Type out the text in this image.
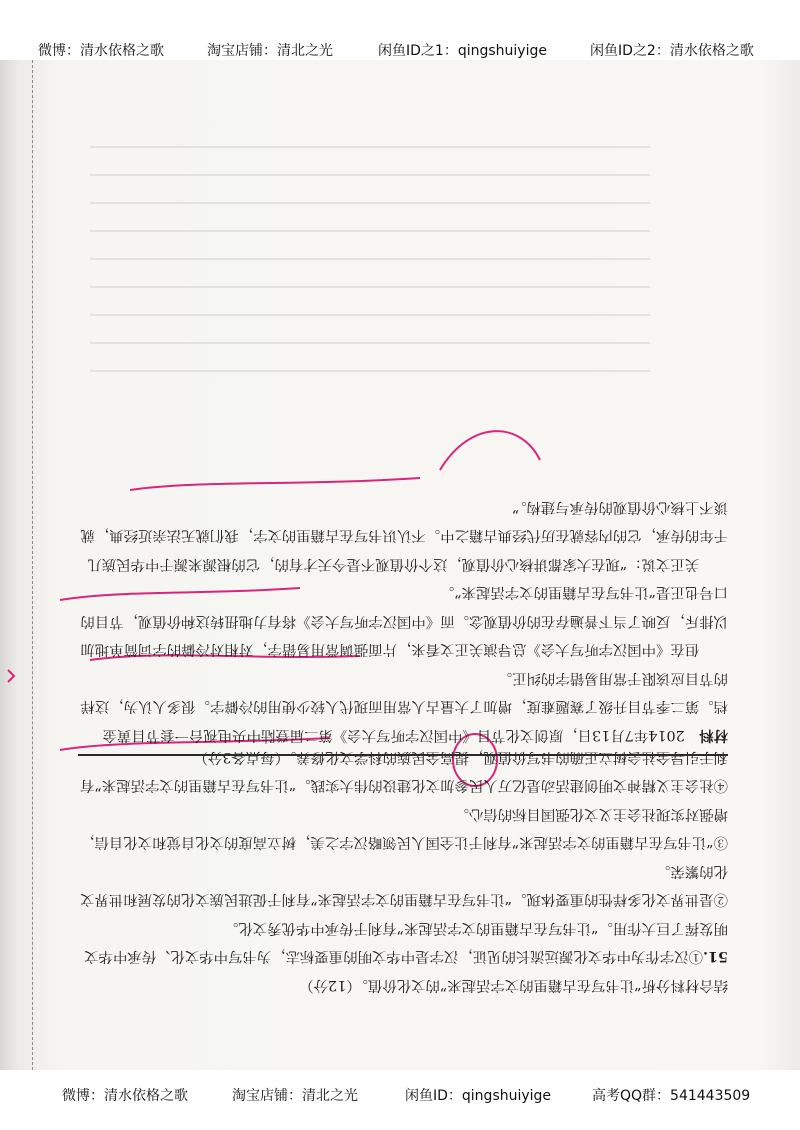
微博：清水依格之歌	淘宝店铺：清北之光	闲鱼ID之1：qingshuiyige	闲鱼ID之2：清水依格之歌

结合材料分析“让书写在古籍里的文字活起来”的文化价值。（12分）

51.①汉字作为中华文化源远流长的见证，汉字是中华文明的重要标志，为书写中华文化、传承中华文明发挥了巨大作用。“让书写在古籍里的文字活起来”有利于传承中华优秀文化。

②是世界文化多样性的重要体现。“让书写在古籍里的文字活起来”有利于促进民族文化的发展和世界文化的繁荣。

③“让书写在古籍里的文字活起来”有利于让全国人民领略汉字之美，树立高度的文化自觉和文化自信，增强对实现社会主义文化强国目标的信心。

④社会主义精神文明创建活动是亿万人民参加文化建设的伟大实践。“让书写在古籍里的文字活起来”有利于引导全社会树立正确的书写价值观，提高全民族的科学文化修养。（每点各3分）

材料　2014年7月13日，原创文化节目《中国汉字听写大会》第二届登陆中央电视台一套节目黄金档。第二季节目升级了赛题难度，增加了大量古人常用而现代人较少使用的冷僻字。很多人认为，这样的节目应该限于常用易错字的纠正。

但在《中国汉字听写大会》总导演关正文看来，片面强调常用易错字，对相对冷僻的字词简单地加以排斥，反映了当下普遍存在的价值观念。而《中国汉字听写大会》将有力地扭转这种价值观，节目的口号也正是“让书写在古籍里的文字活起来”。

关正文说：“现在大家都讲核心价值观，这个价值观不是今天才有的，它的根源来源于中华民族几千年的传承，它的内容就在历代经典古籍之中。不认识书写在古籍里的文字，我们就无法亲近经典，就谈不上核心价值观的传承与建构。”

微博：清水依格之歌	淘宝店铺：清北之光	闲鱼ID：qingshuiyige	高考QQ群：541443509
